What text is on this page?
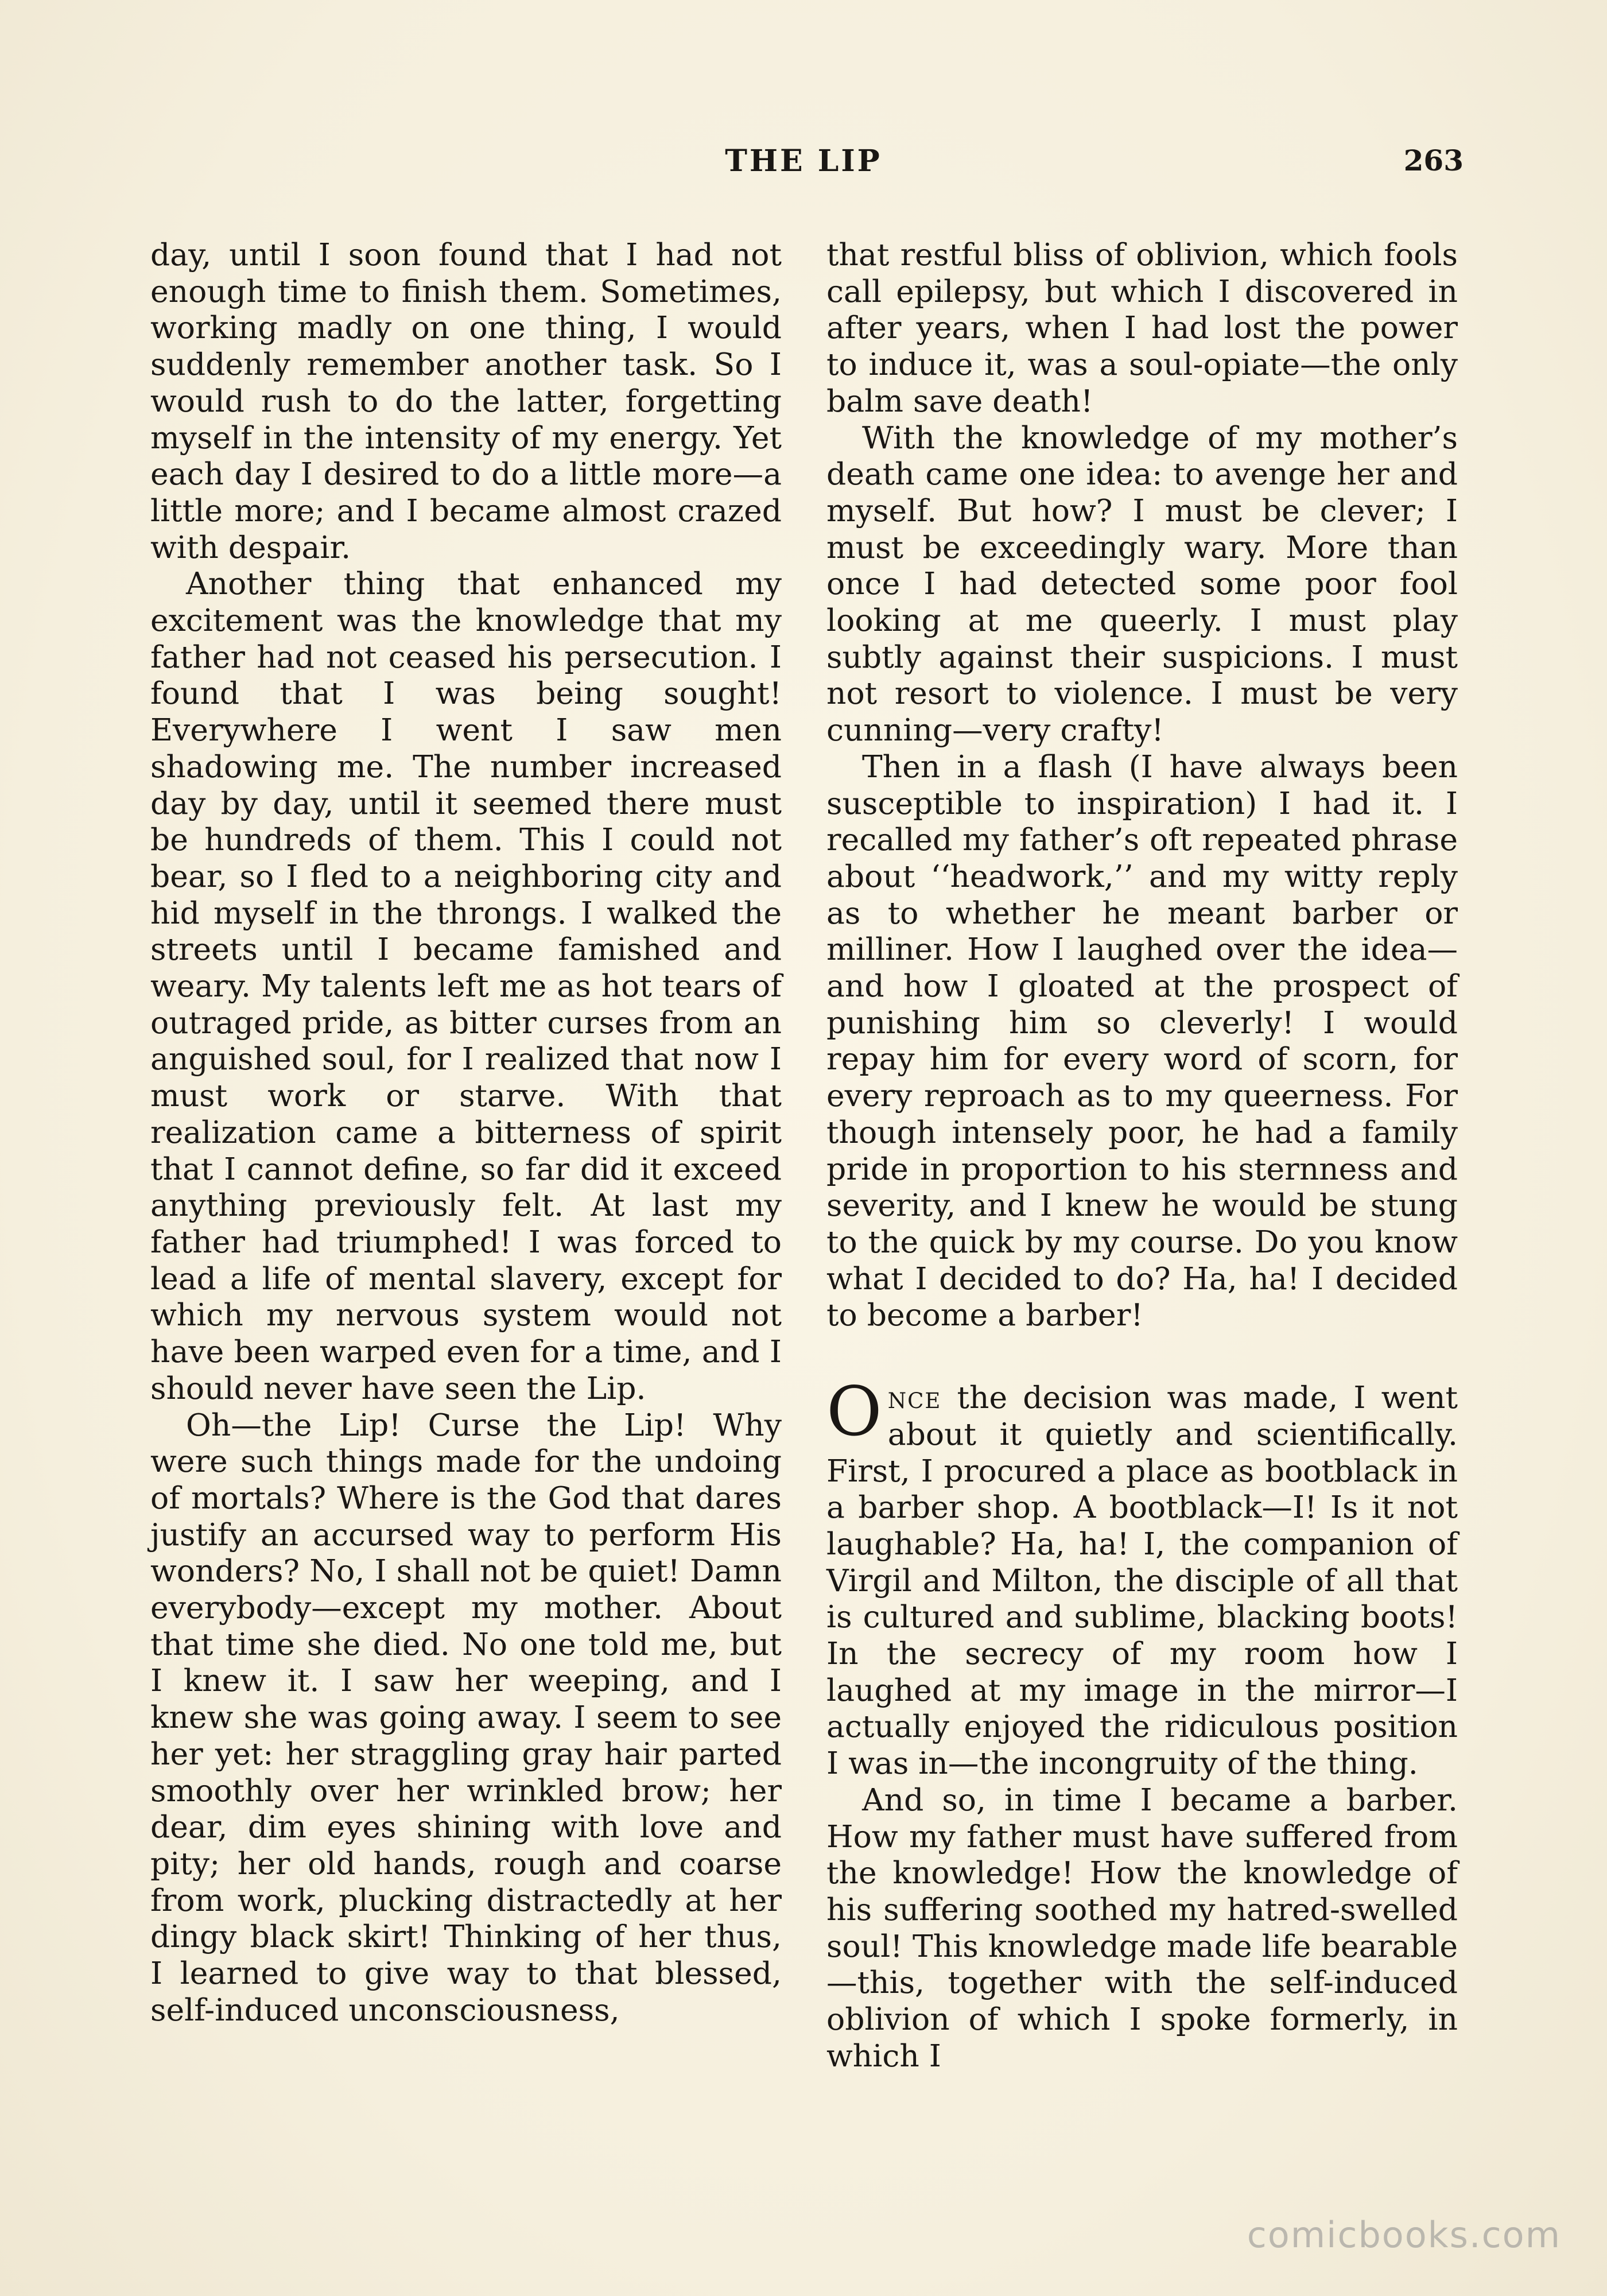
THE LIP	263

day, until I soon found that I had not enough time to finish them. Sometimes, working madly on one thing, I would suddenly remember another task. So I would rush to do the latter, forgetting myself in the intensity of my energy. Yet each day I desired to do a little more—a little more; and I became almost crazed with despair.

Another thing that enhanced my excitement was the knowledge that my father had not ceased his persecution. I found that I was being sought! Everywhere I went I saw men shadowing me. The number increased day by day, until it seemed there must be hundreds of them. This I could not bear, so I fled to a neighboring city and hid myself in the throngs. I walked the streets until I became famished and weary. My talents left me as hot tears of outraged pride, as bitter curses from an anguished soul, for I realized that now I must work or starve. With that realization came a bitterness of spirit that I cannot define, so far did it exceed anything previously felt. At last my father had triumphed! I was forced to lead a life of mental slavery, except for which my nervous system would not have been warped even for a time, and I should never have seen the Lip.

Oh—the Lip! Curse the Lip! Why were such things made for the undoing of mortals? Where is the God that dares justify an accursed way to perform His wonders? No, I shall not be quiet! Damn everybody—except my mother. About that time she died. No one told me, but I knew it. I saw her weeping, and I knew she was going away. I seem to see her yet: her straggling gray hair parted smoothly over her wrinkled brow; her dear, dim eyes shining with love and pity; her old hands, rough and coarse from work, plucking distractedly at her dingy black skirt! Thinking of her thus, I learned to give way to that blessed, self-induced unconsciousness,

that restful bliss of oblivion, which fools call epilepsy, but which I discovered in after years, when I had lost the power to induce it, was a soul-opiate—the only balm save death!

With the knowledge of my mother’s death came one idea: to avenge her and myself. But how? I must be clever; I must be exceedingly wary. More than once I had detected some poor fool looking at me queerly. I must play subtly against their suspicions. I must not resort to violence. I must be very cunning—very crafty!

Then in a flash (I have always been susceptible to inspiration) I had it. I recalled my father’s oft repeated phrase about ‘‘headwork,’’ and my witty reply as to whether he meant barber or milliner. How I laughed over the idea—and how I gloated at the prospect of punishing him so cleverly! I would repay him for every word of scorn, for every reproach as to my queerness. For though intensely poor, he had a family pride in proportion to his sternness and severity, and I knew he would be stung to the quick by my course. Do you know what I decided to do? Ha, ha! I decided to become a barber!

Once the decision was made, I went about it quietly and scientifically. First, I procured a place as bootblack in a barber shop. A bootblack—I! Is it not laughable? Ha, ha! I, the companion of Virgil and Milton, the disciple of all that is cultured and sublime, blacking boots! In the secrecy of my room how I laughed at my image in the mirror—I actually enjoyed the ridiculous position I was in—the incongruity of the thing.

And so, in time I became a barber. How my father must have suffered from the knowledge! How the knowledge of his suffering soothed my hatred-swelled soul! This knowledge made life bearable—this, together with the self-induced oblivion of which I spoke formerly, in which I

comicbooks.com
